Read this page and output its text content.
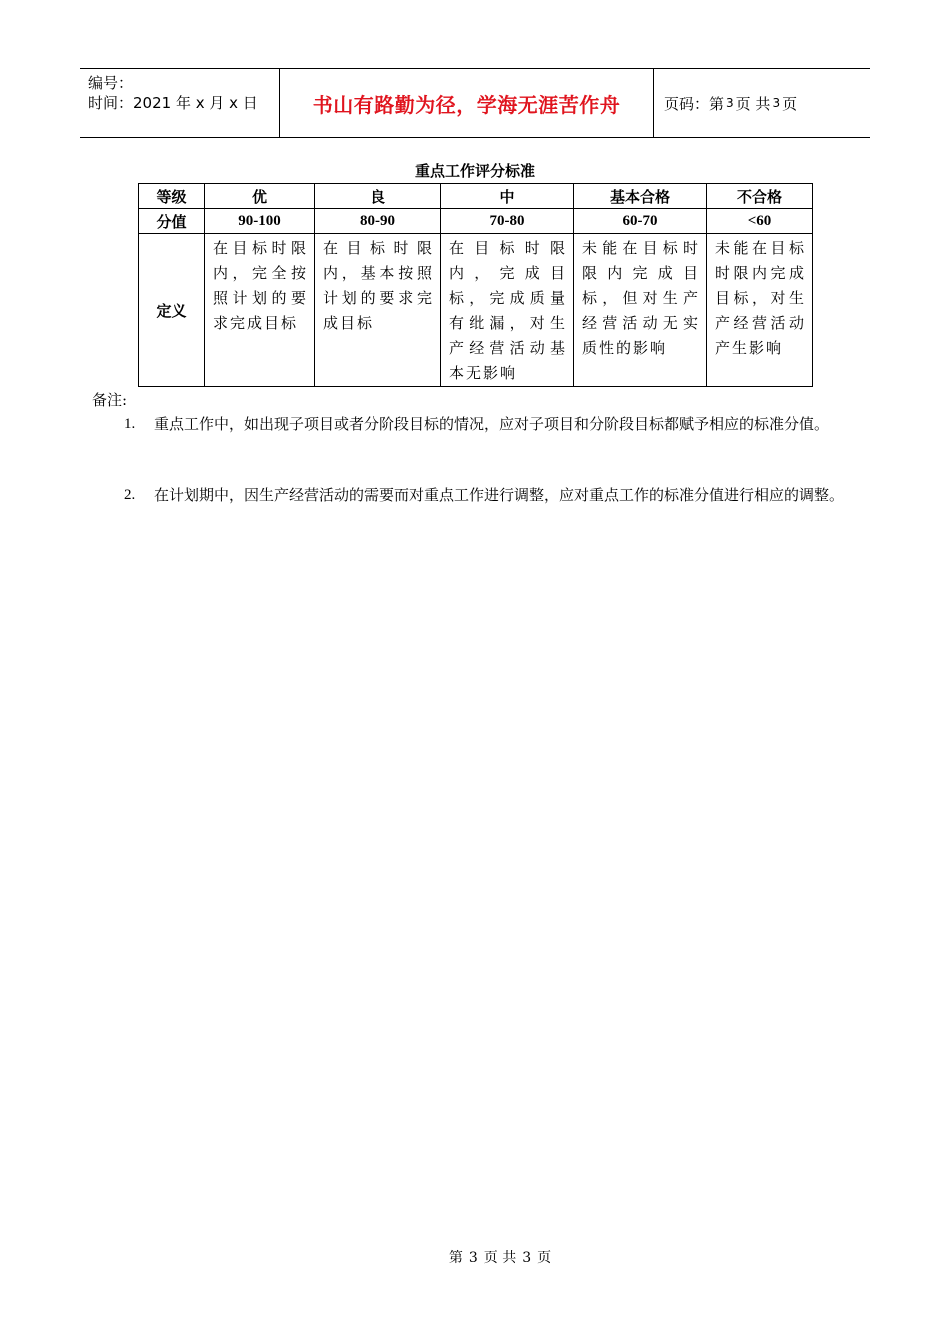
编号：
时间：2021 年 x 月 x 日	书山有路勤为径，学海无涯苦作舟	页码：第 3 页 共 3 页
重点工作评分标准
等级	优	良	中	基本合格	不合格
分值	90-100	80-90	70-80	60-70	<60
定义	在目标时限内，完全按照计划的要求完成目标	在目标时限内，基本按照计划的要求完成目标	在目标时限内，完成目标，完成质量有纰漏，对生产经营活动基本无影响	未能在目标时限内完成目标，但对生产经营活动无实质性的影响	未能在目标时限内完成目标，对生产经营活动产生影响
备注:
1. 重点工作中，如出现子项目或者分阶段目标的情况，应对子项目和分阶段目标都赋予相应的标准分值。
2. 在计划期中，因生产经营活动的需要而对重点工作进行调整，应对重点工作的标准分值进行相应的调整。
第 3 页 共 3 页
